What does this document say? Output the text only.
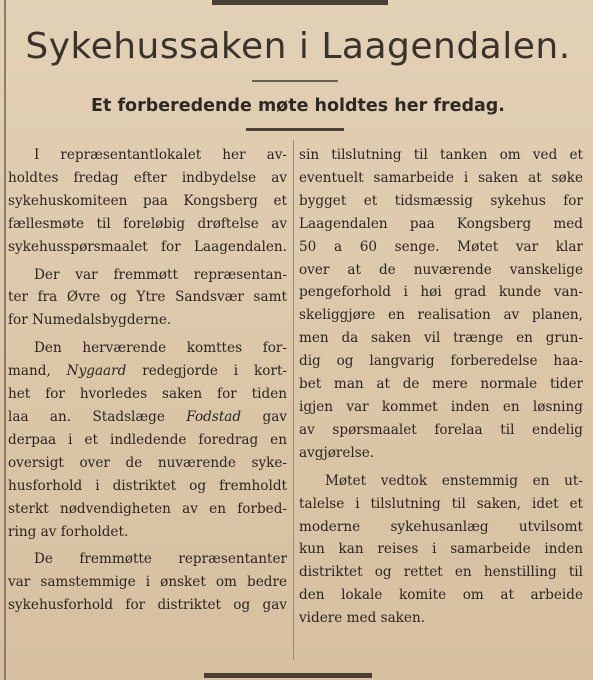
Sykehussaken i Laagendalen.
Et forberedende møte holdtes her fredag.

I repræsentantlokalet her av-
holdtes fredag efter indbydelse av
sykehuskomiteen paa Kongsberg et
fællesmøte til foreløbig drøftelse av
sykehusspørsmaalet for Laagendalen.

Der var fremmøtt repræsentan-
ter fra Øvre og Ytre Sandsvær samt
for Numedalsbygderne.

Den herværende komttes for-
mand, Nygaard redegjorde i kort-
het for hvorledes saken for tiden
laa an. Stadslæge Fodstad gav
derpaa i et indledende foredrag en
oversigt over de nuværende syke-
husforhold i distriktet og fremholdt
sterkt nødvendigheten av en forbed-
ring av forholdet.

De fremmøtte repræsentanter
var samstemmige i ønsket om bedre
sykehusforhold for distriktet og gav

sin tilslutning til tanken om ved et
eventuelt samarbeide i saken at søke
bygget et tidsmæssig sykehus for
Laagendalen paa Kongsberg med
50 a 60 senge. Møtet var klar
over at de nuværende vanskelige
pengeforhold i høi grad kunde van-
skeliggjøre en realisation av planen,
men da saken vil trænge en grun-
dig og langvarig forberedelse haa-
bet man at de mere normale tider
igjen var kommet inden en løsning
av spørsmaalet forelaa til endelig
avgjørelse.

Møtet vedtok enstemmig en ut-
talelse i tilslutning til saken, idet et
moderne sykehusanlæg utvilsomt
kun kan reises i samarbeide inden
distriktet og rettet en henstilling til
den lokale komite om at arbeide
videre med saken.
